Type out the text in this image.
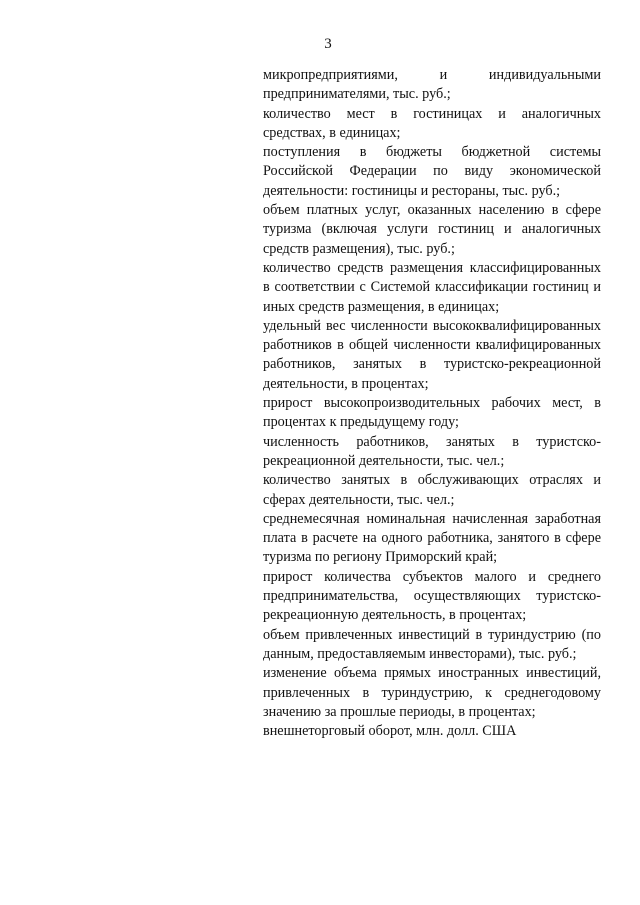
3

микропредприятиями, и индивидуальными предпринимателями, тыс. руб.;

количество мест в гостиницах и аналогичных средствах, в единицах;

поступления в бюджеты бюджетной системы Российской Федерации по виду экономической деятельности: гостиницы и рестораны, тыс. руб.;

объем платных услуг, оказанных населению в сфере туризма (включая услуги гостиниц и аналогичных средств размещения), тыс. руб.;

количество средств размещения классифицированных в соответствии с Системой классификации гостиниц и иных средств размещения, в единицах;

удельный вес численности высококвалифицированных работников в общей численности квалифицированных работников, занятых в туристско-рекреационной деятельности, в процентах;

прирост высокопроизводительных рабочих мест, в процентах к предыдущему году;

численность работников, занятых в туристско-рекреационной деятельности, тыс. чел.;

количество занятых в обслуживающих отраслях и сферах деятельности, тыс. чел.;

среднемесячная номинальная начисленная заработная плата в расчете на одного работника, занятого в сфере туризма по региону Приморский край;

прирост количества субъектов малого и среднего предпринимательства, осуществляющих туристско-рекреационную деятельность, в процентах;

объем привлеченных инвестиций в туриндустрию (по данным, предоставляемым инвесторами), тыс. руб.;

изменение объема прямых иностранных инвестиций, привлеченных в туриндустрию, к среднегодовому значению за прошлые периоды, в процентах;

внешнеторговый оборот, млн. долл. США
